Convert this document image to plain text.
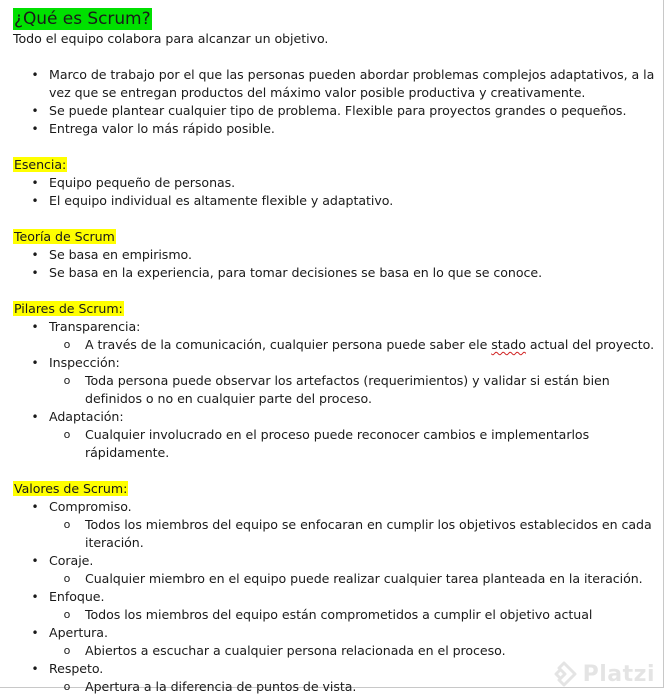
¿Qué es Scrum?
Todo el equipo colabora para alcanzar un objetivo.
• Marco de trabajo por el que las personas pueden abordar problemas complejos adaptativos, a la vez que se entregan productos del máximo valor posible productiva y creativamente.
• Se puede plantear cualquier tipo de problema. Flexible para proyectos grandes o pequeños.
• Entrega valor lo más rápido posible.
Esencia:
• Equipo pequeño de personas.
• El equipo individual es altamente flexible y adaptativo.
Teoría de Scrum
• Se basa en empirismo.
• Se basa en la experiencia, para tomar decisiones se basa en lo que se conoce.
Pilares de Scrum:
• Transparencia:
o A través de la comunicación, cualquier persona puede saber ele stado actual del proyecto.
• Inspección:
o Toda persona puede observar los artefactos (requerimientos) y validar si están bien definidos o no en cualquier parte del proceso.
• Adaptación:
o Cualquier involucrado en el proceso puede reconocer cambios e implementarlos rápidamente.
Valores de Scrum:
• Compromiso.
o Todos los miembros del equipo se enfocaran en cumplir los objetivos establecidos en cada iteración.
• Coraje.
o Cualquier miembro en el equipo puede realizar cualquier tarea planteada en la iteración.
• Enfoque.
o Todos los miembros del equipo están comprometidos a cumplir el objetivo actual
• Apertura.
o Abiertos a escuchar a cualquier persona relacionada en el proceso.
• Respeto.
o Apertura a la diferencia de puntos de vista.	Platzi
